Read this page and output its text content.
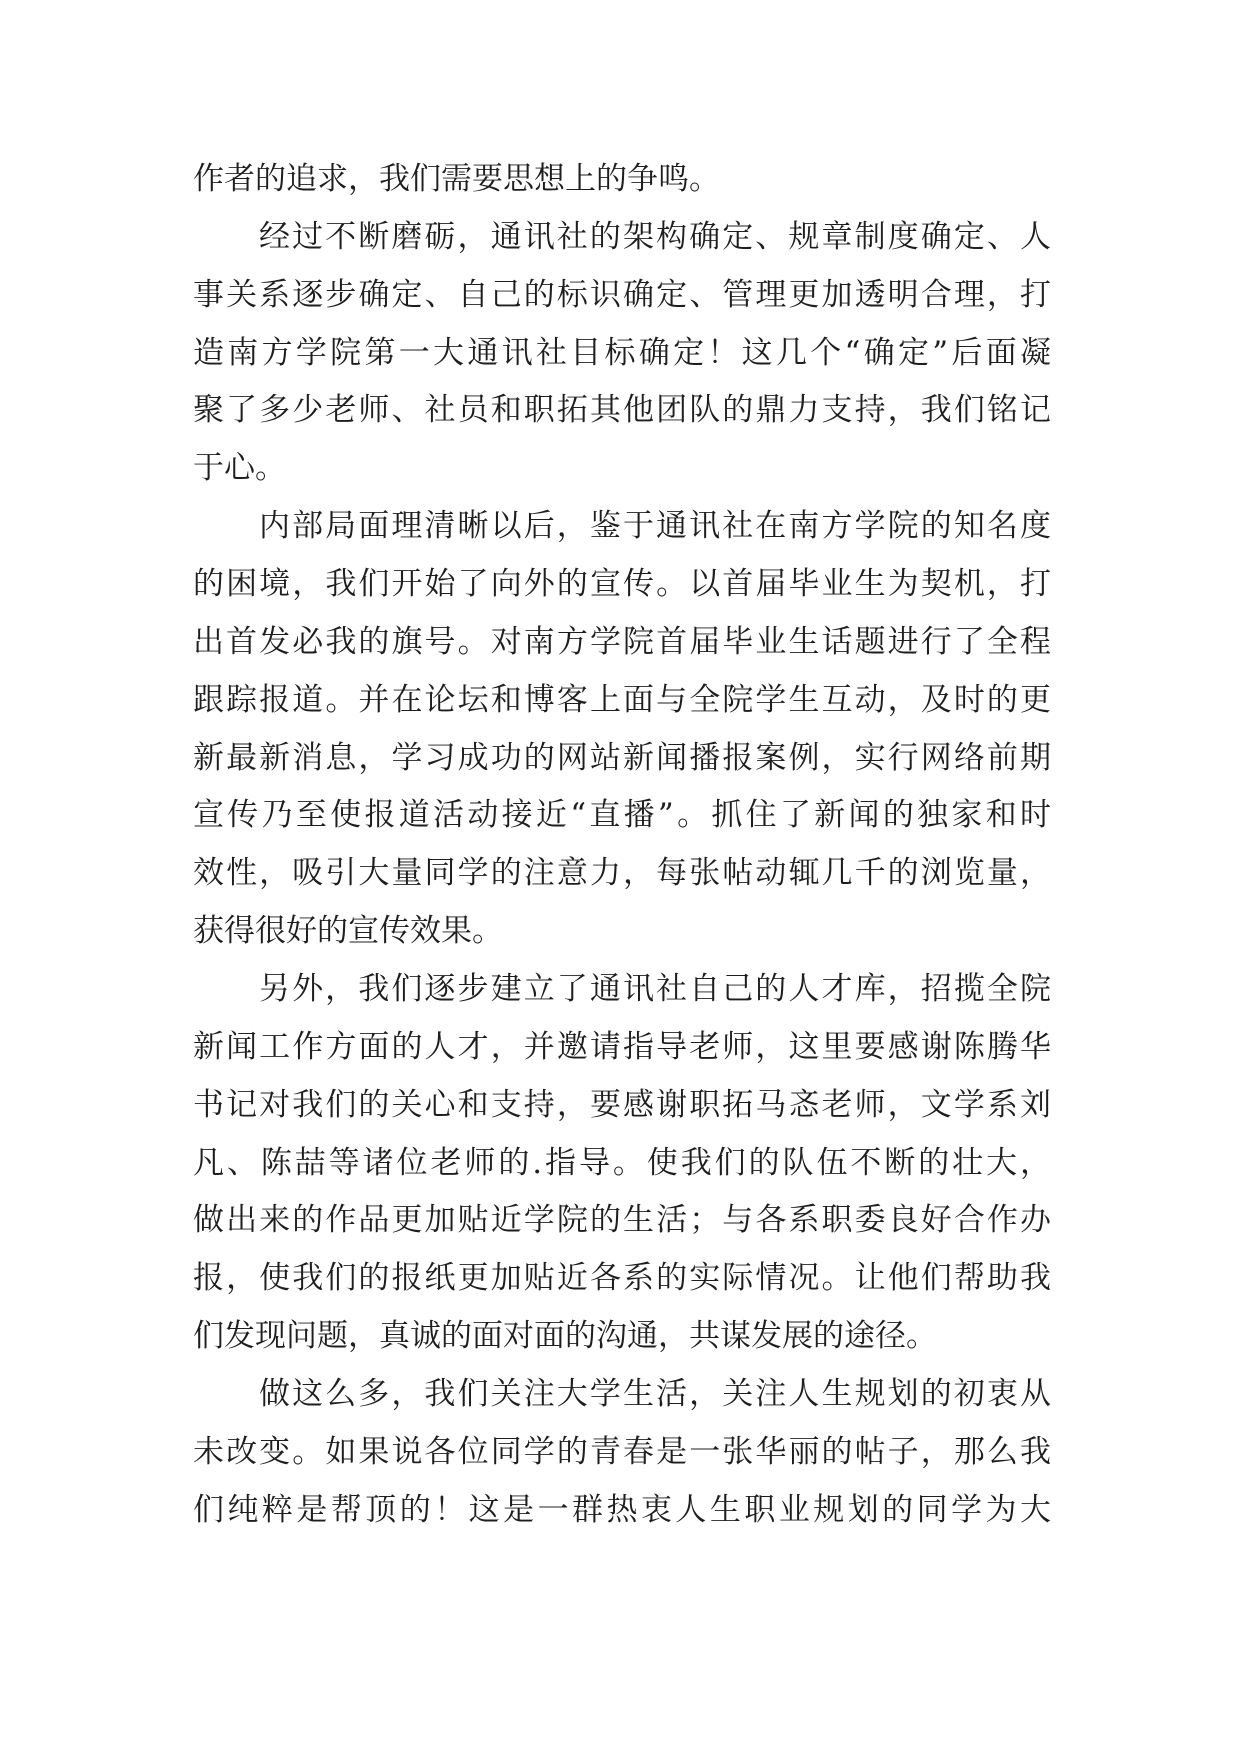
作者的追求，我们需要思想上的争鸣。
经过不断磨砺，通讯社的架构确定、规章制度确定、人
事关系逐步确定、自己的标识确定、管理更加透明合理，打
造南方学院第一大通讯社目标确定！这几个“确定”后面凝
聚了多少老师、社员和职拓其他团队的鼎力支持，我们铭记
于心。
内部局面理清晰以后，鉴于通讯社在南方学院的知名度
的困境，我们开始了向外的宣传。以首届毕业生为契机，打
出首发必我的旗号。对南方学院首届毕业生话题进行了全程
跟踪报道。并在论坛和博客上面与全院学生互动，及时的更
新最新消息，学习成功的网站新闻播报案例，实行网络前期
宣传乃至使报道活动接近“直播”。抓住了新闻的独家和时
效性，吸引大量同学的注意力，每张帖动辄几千的浏览量，
获得很好的宣传效果。
另外，我们逐步建立了通讯社自己的人才库，招揽全院
新闻工作方面的人才，并邀请指导老师，这里要感谢陈腾华
书记对我们的关心和支持，要感谢职拓马忞老师，文学系刘
凡、陈喆等诸位老师的.指导。使我们的队伍不断的壮大，
做出来的作品更加贴近学院的生活；与各系职委良好合作办
报，使我们的报纸更加贴近各系的实际情况。让他们帮助我
们发现问题，真诚的面对面的沟通，共谋发展的途径。
做这么多，我们关注大学生活，关注人生规划的初衷从
未改变。如果说各位同学的青春是一张华丽的帖子，那么我
们纯粹是帮顶的！这是一群热衷人生职业规划的同学为大
